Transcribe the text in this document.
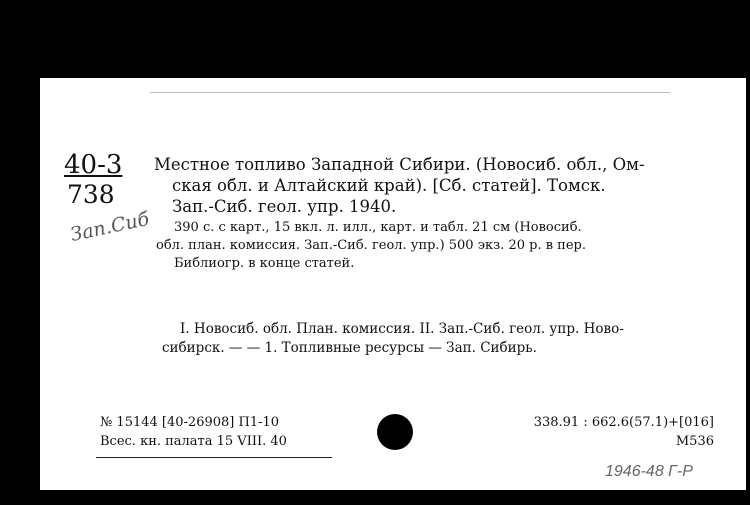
40-3
738
Зап.Сиб
Местное топливо Западной Сибири. (Новосиб. обл., Ом-
ская обл. и Алтайский край). [Сб. статей]. Томск.
Зап.-Сиб. геол. упр. 1940.
390 с. с карт., 15 вкл. л. илл., карт. и табл. 21 см (Новосиб.
обл. план. комиссия. Зап.-Сиб. геол. упр.) 500 экз. 20 р. в пер.
Библиогр. в конце статей.
I. Новосиб. обл. План. комиссия. II. Зап.-Сиб. геол. упр. Ново-
сибирск. — — 1. Топливные ресурсы — Зап. Сибирь.
№ 15144 [40-26908] П1-10
Всес. кн. палата 15 VIII. 40
338.91 : 662.6(57.1)+[016]
М536
1946-48 Г-Р
